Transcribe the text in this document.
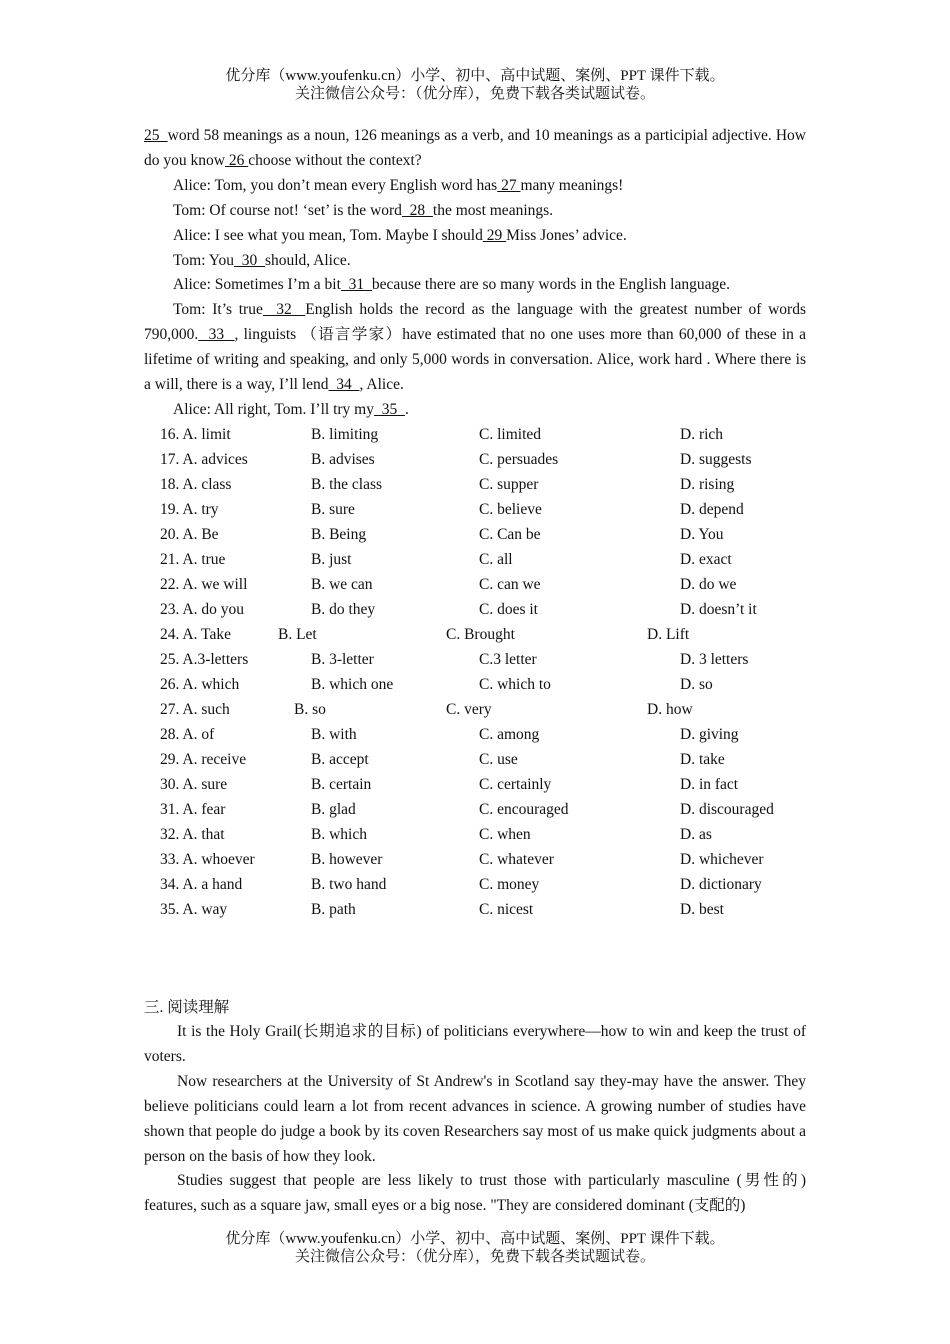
优分库（www.youfenku.cn）小学、初中、高中试题、案例、PPT 课件下载。
关注微信公众号：（优分库），免费下载各类试题试卷。
25  word 58 meanings as a noun, 126 meanings as a verb, and 10 meanings as a participial adjective. How do you know 26 choose without the context?
Alice: Tom, you don’t mean every English word has 27 many meanings!
Tom: Of course not! ‘set’ is the word  28  the most meanings.
Alice: I see what you mean, Tom. Maybe I should 29 Miss Jones’ advice.
Tom: You  30  should, Alice.
Alice: Sometimes I’m a bit  31  because there are so many words in the English language.
Tom: It’s true  32  English holds the record as the language with the greatest number of words 790,000.  33  , linguists （语言学家）have estimated that no one uses more than 60,000 of these in a lifetime of writing and speaking, and only 5,000 words in conversation. Alice, work hard . Where there is a will, there is a way, I’ll lend  34  , Alice.
Alice: All right, Tom. I’ll try my  35  .
16. A. limit	B. limiting	C. limited	D. rich
17. A. advices	B. advises	C. persuades	D. suggests
18. A. class	B. the class	C. supper	D. rising
19. A. try	B. sure	C. believe	D. depend
20. A. Be	B. Being	C. Can be	D. You
21. A. true	B. just	C. all	D. exact
22. A. we will	B. we can	C. can we	D. do we
23. A. do you	B. do they	C. does it	D. doesn’t it
24. A. Take	B. Let	C. Brought	D. Lift
25. A.3-letters	B. 3-letter	C.3 letter	D. 3 letters
26. A. which	B. which one	C. which to	D. so
27. A. such	B. so	C. very	D. how
28. A. of	B. with	C. among	D. giving
29. A. receive	B. accept	C. use	D. take
30. A. sure	B. certain	C. certainly	D. in fact
31. A. fear	B. glad	C. encouraged	D. discouraged
32. A. that	B. which	C. when	D. as
33. A. whoever	B. however	C. whatever	D. whichever
34. A. a hand	B. two hand	C. money	D. dictionary
35. A. way	B. path	C. nicest	D. best
三. 阅读理解
It is the Holy Grail(长期追求的目标) of politicians everywhere—how to win and keep the trust of voters.
Now researchers at the University of St Andrew's in Scotland say they-may have the answer. They believe politicians could learn a lot from recent advances in science. A growing number of studies have shown that people do judge a book by its coven Researchers say most of us make quick judgments about a person on the basis of how they look.
Studies suggest that people are less likely to trust those with particularly masculine (男性的) features, such as a square jaw, small eyes or a big nose. "They are considered dominant (支配的)
优分库（www.youfenku.cn）小学、初中、高中试题、案例、PPT 课件下载。
关注微信公众号：（优分库），免费下载各类试题试卷。
